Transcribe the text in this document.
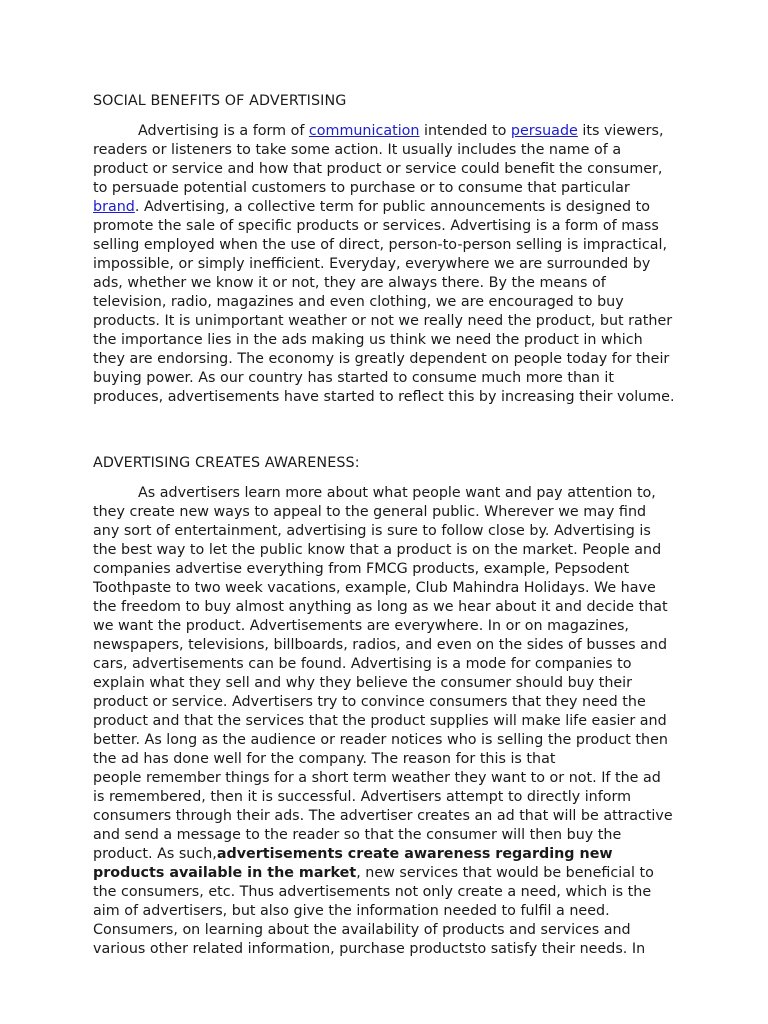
SOCIAL BENEFITS OF ADVERTISING

Advertising is a form of communication intended to persuade its viewers, readers or listeners to take some action. It usually includes the name of a product or service and how that product or service could benefit the consumer, to persuade potential customers to purchase or to consume that particular brand. Advertising, a collective term for public announcements is designed to promote the sale of specific products or services. Advertising is a form of mass selling employed when the use of direct, person-to-person selling is impractical, impossible, or simply inefficient. Everyday, everywhere we are surrounded by ads, whether we know it or not, they are always there. By the means of television, radio, magazines and even clothing, we are encouraged to buy products. It is unimportant weather or not we really need the product, but rather the importance lies in the ads making us think we need the product in which they are endorsing. The economy is greatly dependent on people today for their buying power. As our country has started to consume much more than it produces, advertisements have started to reflect this by increasing their volume.

ADVERTISING CREATES AWARENESS:

As advertisers learn more about what people want and pay attention to, they create new ways to appeal to the general public. Wherever we may find any sort of entertainment, advertising is sure to follow close by. Advertising is the best way to let the public know that a product is on the market. People and companies advertise everything from FMCG products, example, Pepsodent Toothpaste to two week vacations, example, Club Mahindra Holidays. We have the freedom to buy almost anything as long as we hear about it and decide that we want the product. Advertisements are everywhere. In or on magazines, newspapers, televisions, billboards, radios, and even on the sides of busses and cars, advertisements can be found. Advertising is a mode for companies to explain what they sell and why they believe the consumer should buy their product or service. Advertisers try to convince consumers that they need the product and that the services that the product supplies will make life easier and better. As long as the audience or reader notices who is selling the product then the ad has done well for the company. The reason for this is that
people remember things for a short term weather they want to or not. If the ad is remembered, then it is successful. Advertisers attempt to directly inform consumers through their ads. The advertiser creates an ad that will be attractive and send a message to the reader so that the consumer will then buy the product. As such,advertisements create awareness regarding new products available in the market, new services that would be beneficial to the consumers, etc. Thus advertisements not only create a need, which is the aim of advertisers, but also give the information needed to fulfil a need. Consumers, on learning about the availability of products and services and various other related information, purchase productsto satisfy their needs. In
